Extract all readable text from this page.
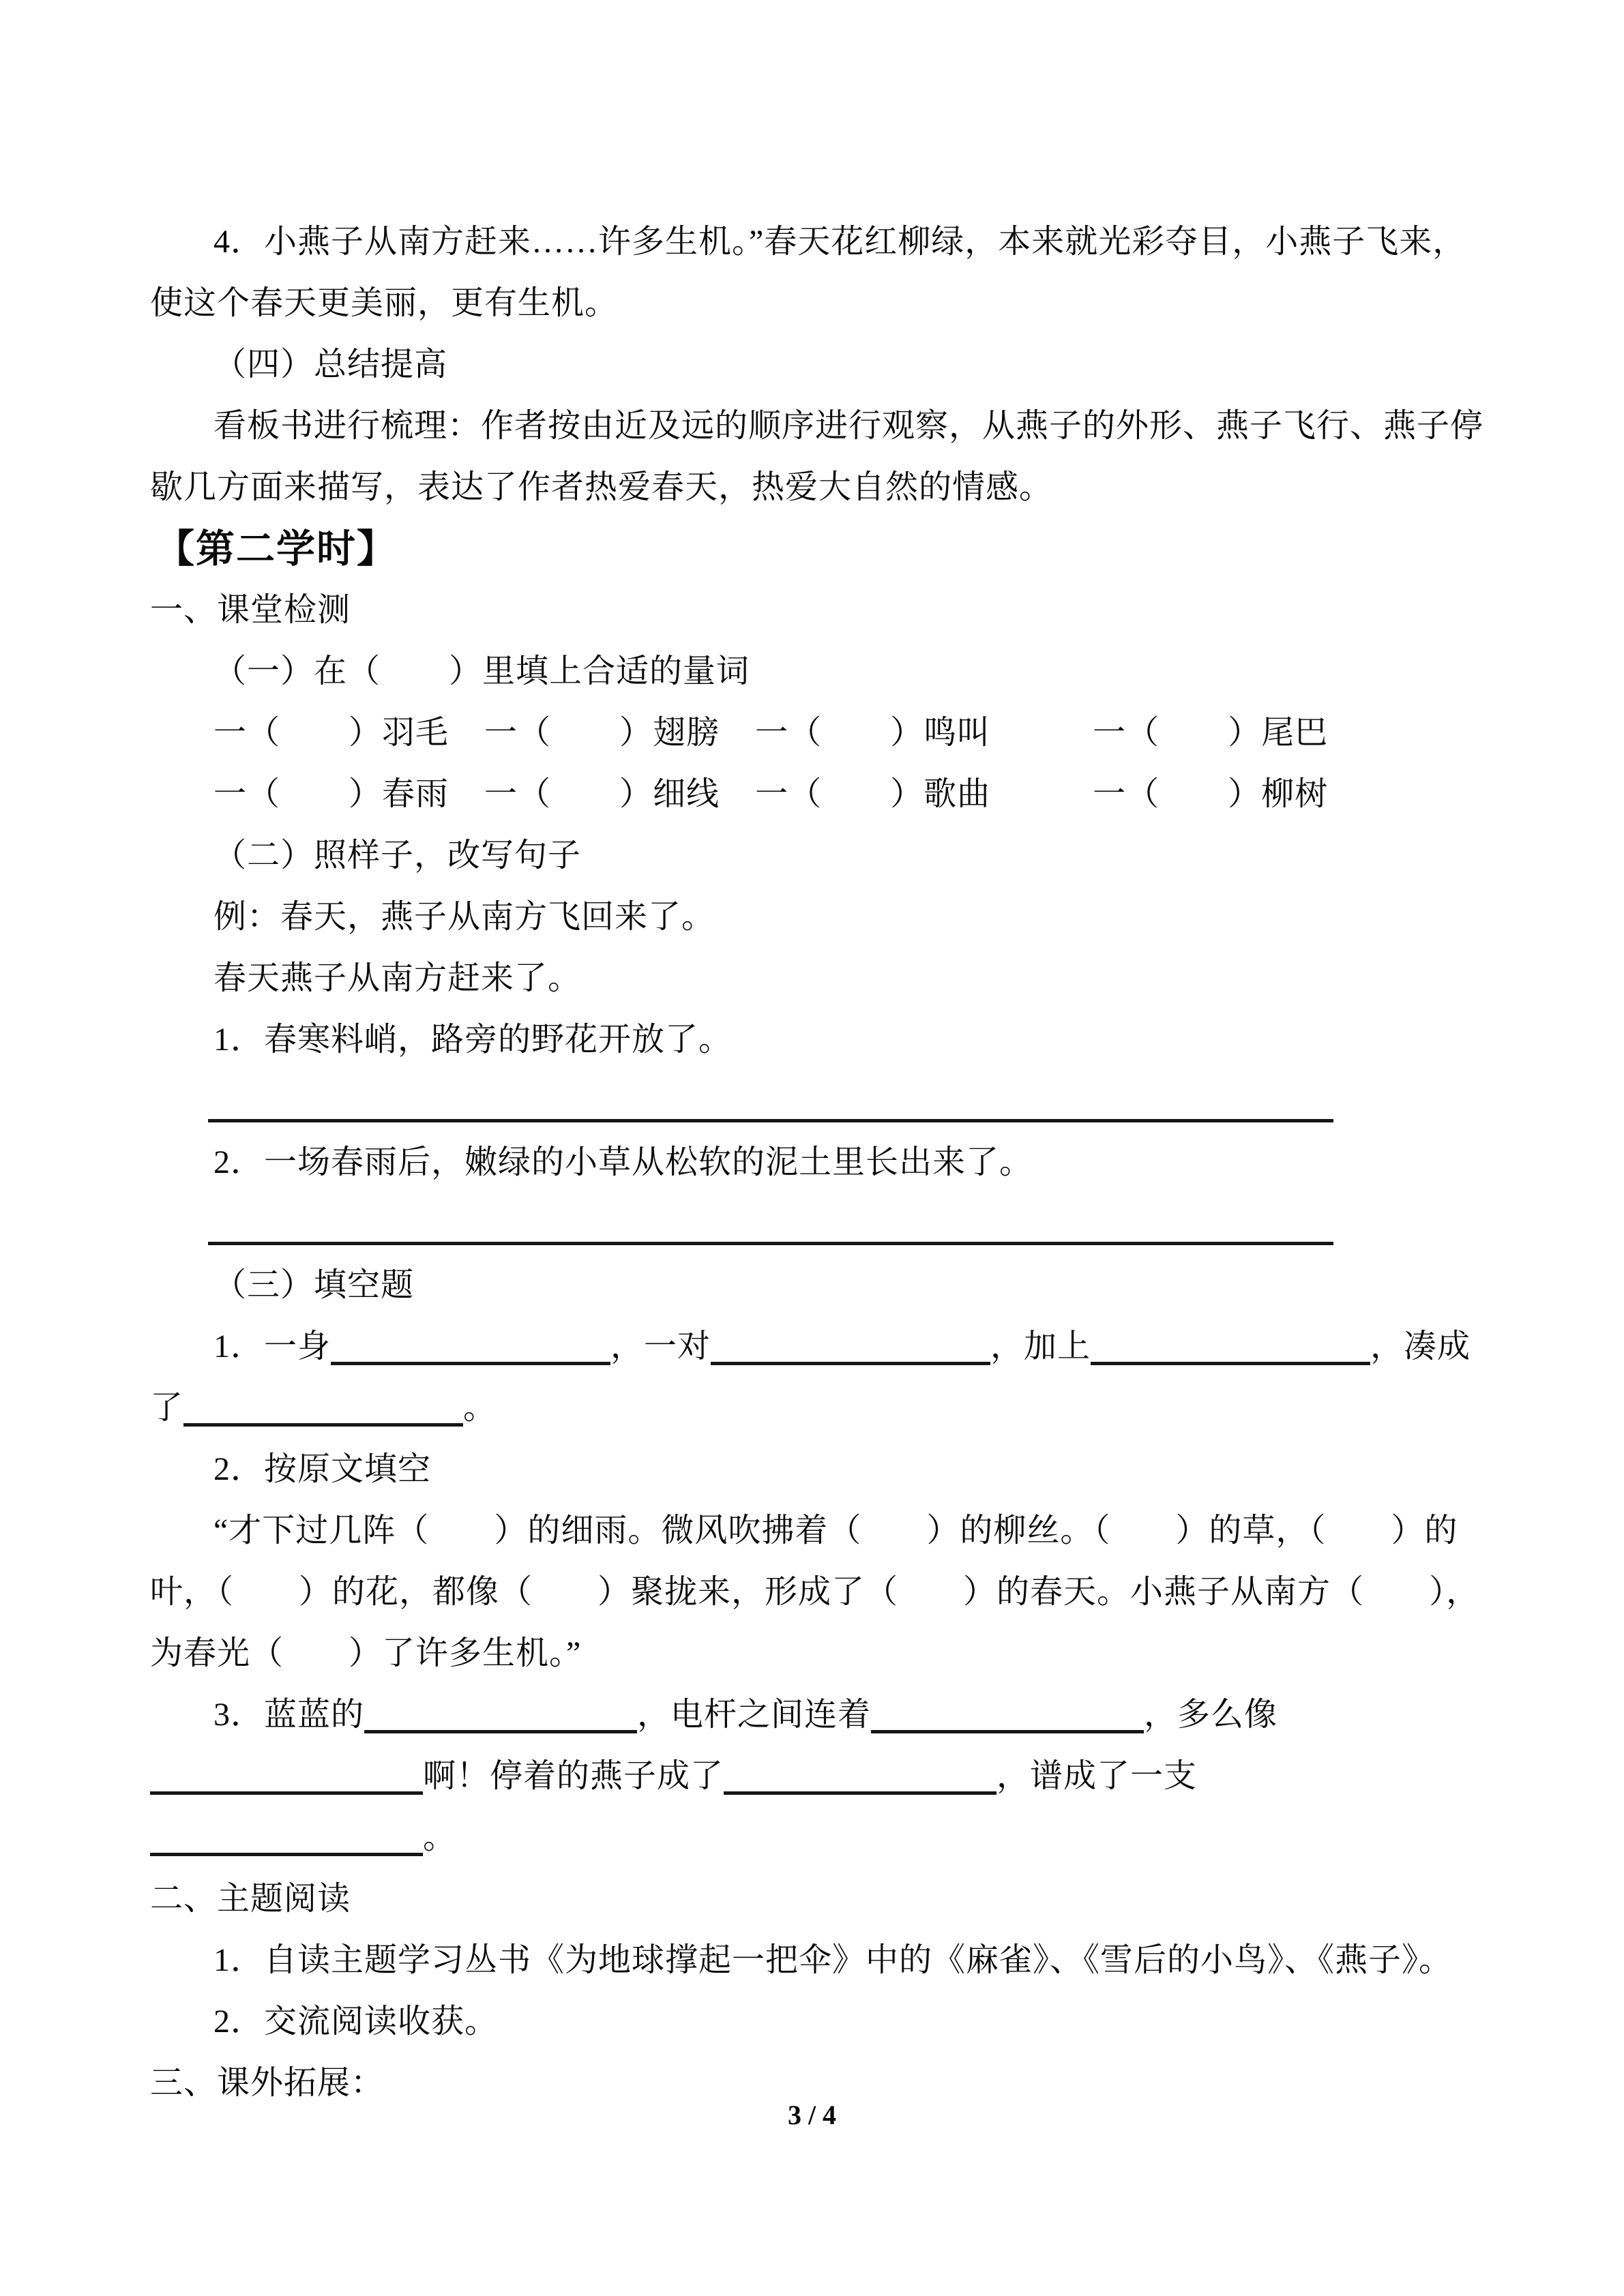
4．小燕子从南方赶来……许多生机。”春天花红柳绿，本来就光彩夺目，小燕子飞来，
使这个春天更美丽，更有生机。
（四）总结提高
看板书进行梳理：作者按由近及远的顺序进行观察，从燕子的外形、燕子飞行、燕子停
歇几方面来描写，表达了作者热爱春天，热爱大自然的情感。
【第二学时】
一、课堂检测
（一）在（ ）里填上合适的量词
一（ ）羽毛 一（ ）翅膀 一（ ）鸣叫	一（ ）尾巴
一（ ）春雨 一（ ）细线 一（ ）歌曲	一（ ）柳树
（二）照样子，改写句子
例：春天，燕子从南方飞回来了。
春天燕子从南方赶来了。
1．春寒料峭，路旁的野花开放了。
2．一场春雨后，嫩绿的小草从松软的泥土里长出来了。
（三）填空题
1．一身	，一对	，加上	，凑成
了	。
2．按原文填空
“才下过几阵（ ）的细雨。微风吹拂着（ ）的柳丝。（ ）的草，（ ）的
叶，（ ）的花，都像（ ）聚拢来，形成了（ ）的春天。小燕子从南方（ ），
为春光（ ）了许多生机。”
3．蓝蓝的	，电杆之间连着	，多么像
啊！停着的燕子成了	，谱成了一支
。
二、主题阅读
1．自读主题学习丛书《为地球撑起一把伞》中的《麻雀》、《雪后的小鸟》、《燕子》。
2．交流阅读收获。
三、课外拓展：
3 / 4
